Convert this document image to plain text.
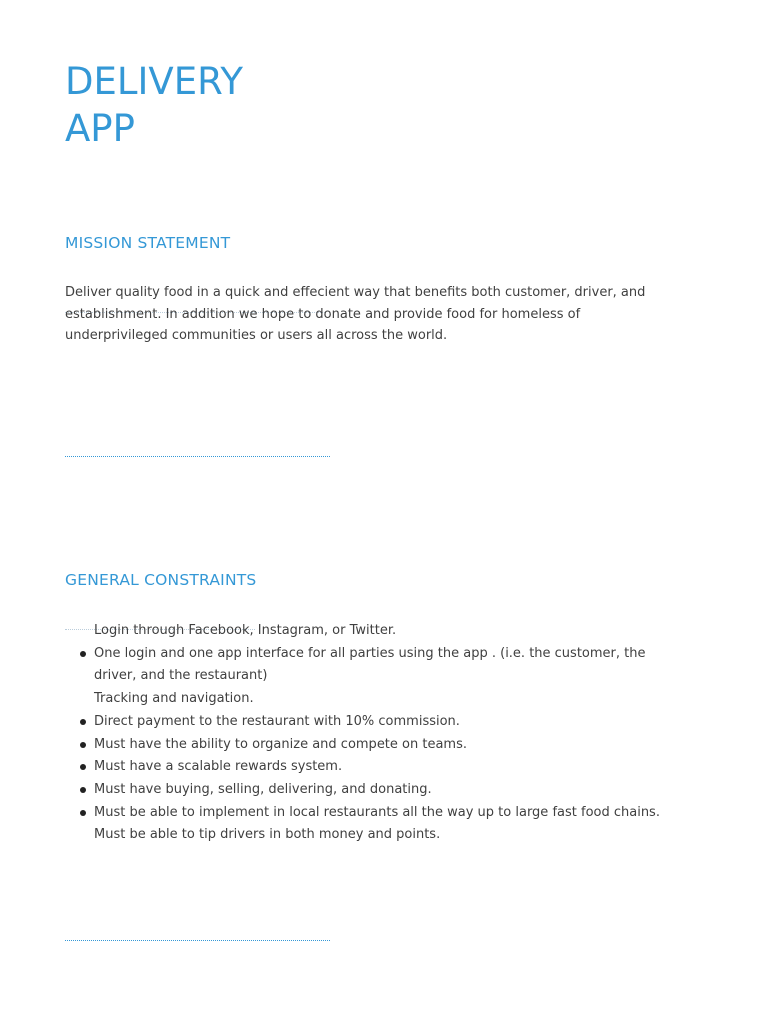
DELIVERY
APP
MISSION STATEMENT

Deliver quality food in a quick and effecient way that benefits both customer, driver, and
establishment. In addition we hope to donate and provide food for homeless of
underprivileged communities or users all across the world.

GENERAL CONSTRAINTS
Login through Facebook, Instagram, or Twitter.
One login and one app interface for all parties using the app . (i.e. the customer, the
driver, and the restaurant)
Tracking and navigation.
Direct payment to the restaurant with 10% commission.
Must have the ability to organize and compete on teams.
Must have a scalable rewards system.
Must have buying, selling, delivering, and donating.
Must be able to implement in local restaurants all the way up to large fast food chains.
Must be able to tip drivers in both money and points.
